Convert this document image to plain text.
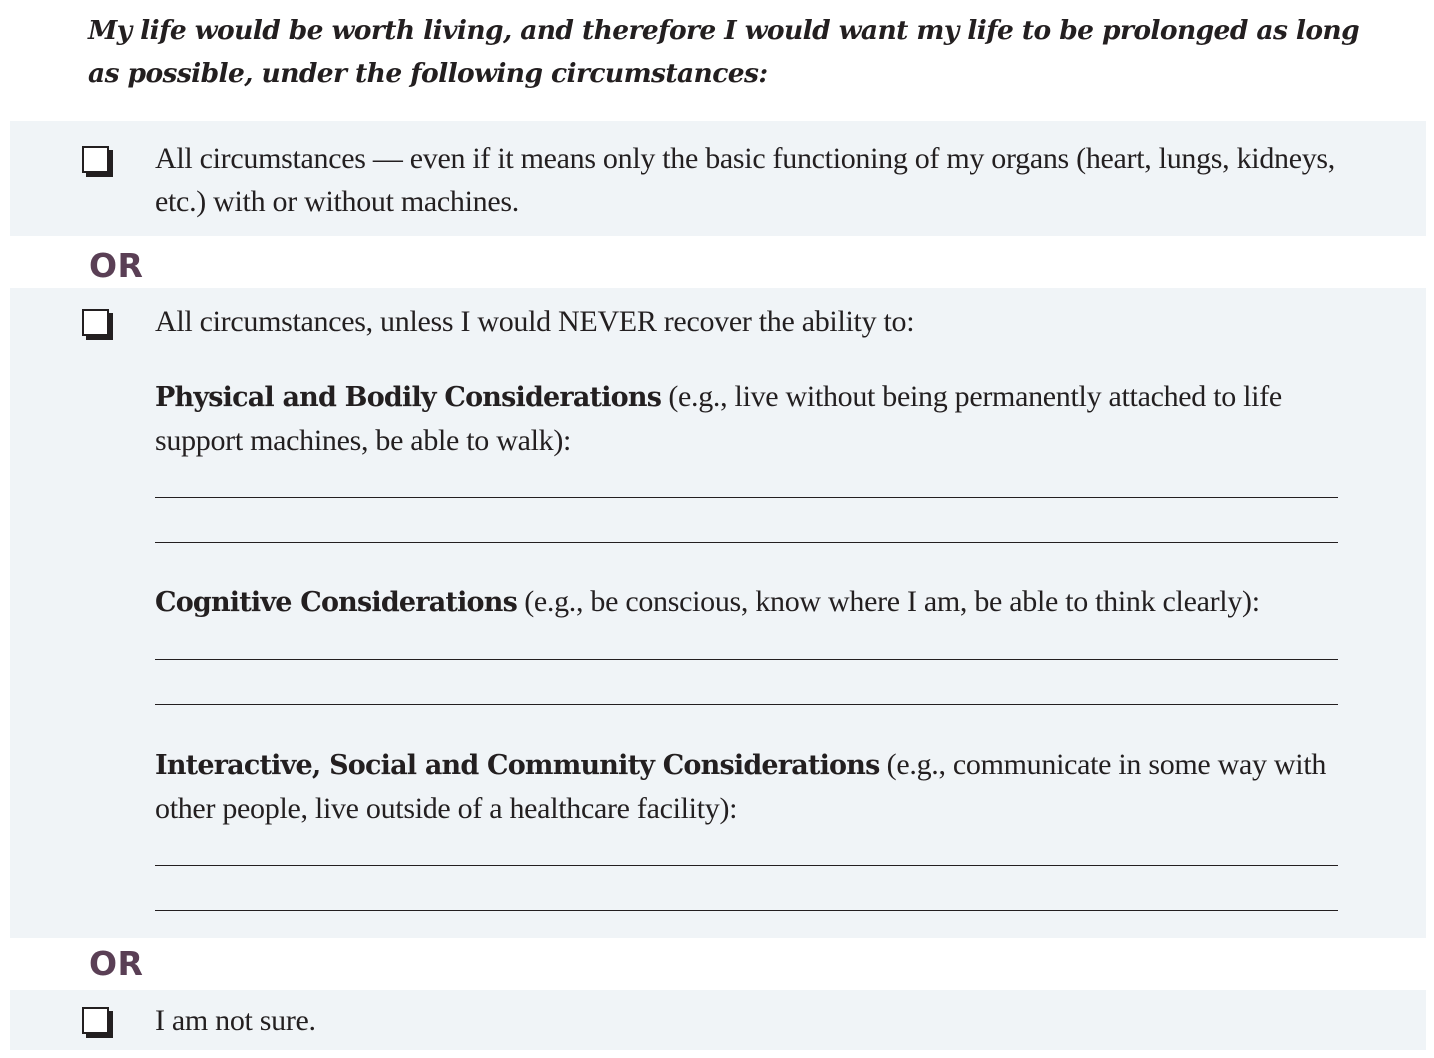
My life would be worth living, and therefore I would want my life to be prolonged as long as possible, under the following circumstances:
All circumstances — even if it means only the basic functioning of my organs (heart, lungs, kidneys, etc.) with or without machines.
OR
All circumstances, unless I would NEVER recover the ability to:
Physical and Bodily Considerations (e.g., live without being permanently attached to life support machines, be able to walk):
Cognitive Considerations (e.g., be conscious, know where I am, be able to think clearly):
Interactive, Social and Community Considerations (e.g., communicate in some way with other people, live outside of a healthcare facility):
OR
I am not sure.
